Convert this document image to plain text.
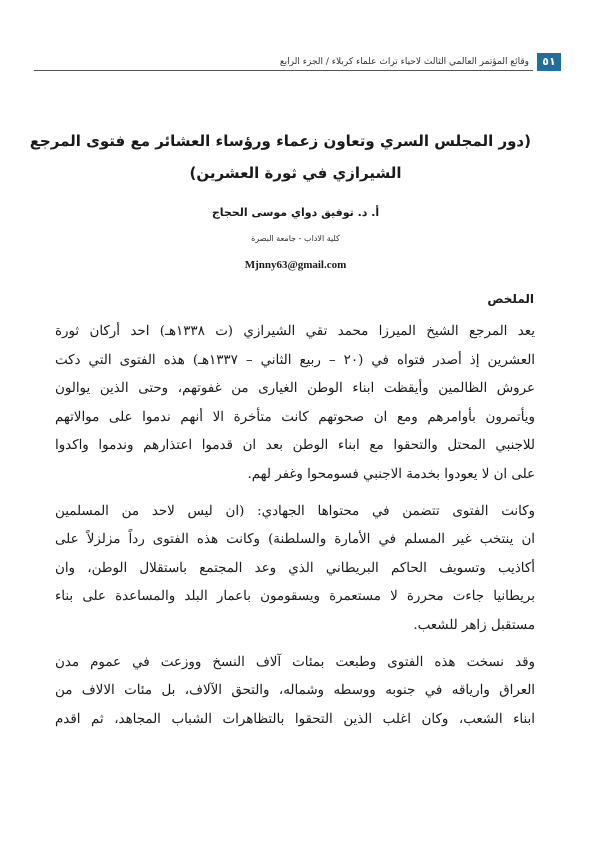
٥١
وقائع المؤتمر العالمي الثالث لاحياء تراث علماء كربلاء / الجزء الرابع
(دور المجلس السري وتعاون زعماء ورؤساء العشائر مع فتوى المرجع
الشيرازي في ثورة العشرين)
أ. د. توفيق دواي موسى الحجاج
كلية الاداب - جامعة البصرة
Mjnny63@gmail.com
الملخص
يعد المرجع الشيخ الميرزا محمد تقي الشيرازي (ت ١٣٣٨هـ) احد أركان ثورة
العشرين إذ أصدر فتواه في (٢٠ – ربيع الثاني – ١٣٣٧هـ) هذه الفتوى التي دكت
عروش الظالمين وأيقظت ابناء الوطن الغيارى من غفوتهم، وحتى الذين يوالون
ويأتمرون بأوامرهم ومع ان صحوتهم كانت متأخرة الا أنهم ندموا على موالاتهم
للاجنبي المحتل والتحقوا مع ابناء الوطن بعد ان قدموا اعتذارهم وندموا واكدوا
على ان لا يعودوا بخدمة الاجنبي فسومحوا وغفر لهم.
وكانت الفتوى تتضمن في محتواها الجهادي: (ان ليس لاحد من المسلمين
ان ينتخب غير المسلم في الأمارة والسلطنة) وكانت هذه الفتوى رداً مزلزلاً على
أكاذيب وتسويف الحاكم البريطاني الذي وعد المجتمع باستقلال الوطن، وان
بريطانيا جاءت محررة لا مستعمرة ويسقومون باعمار البلد والمساعدة على بناء
مستقبل زاهر للشعب.
وقد نسخت هذه الفتوى وطبعت بمئات آلاف النسخ ووزعت في عموم مدن
العراق وارياقه في جنوبه ووسطه وشماله، والتحق الآلاف، بل مئات الالاف من
ابناء الشعب، وكان اغلب الذين التحقوا بالتظاهرات الشباب المجاهد، ثم اقدم
